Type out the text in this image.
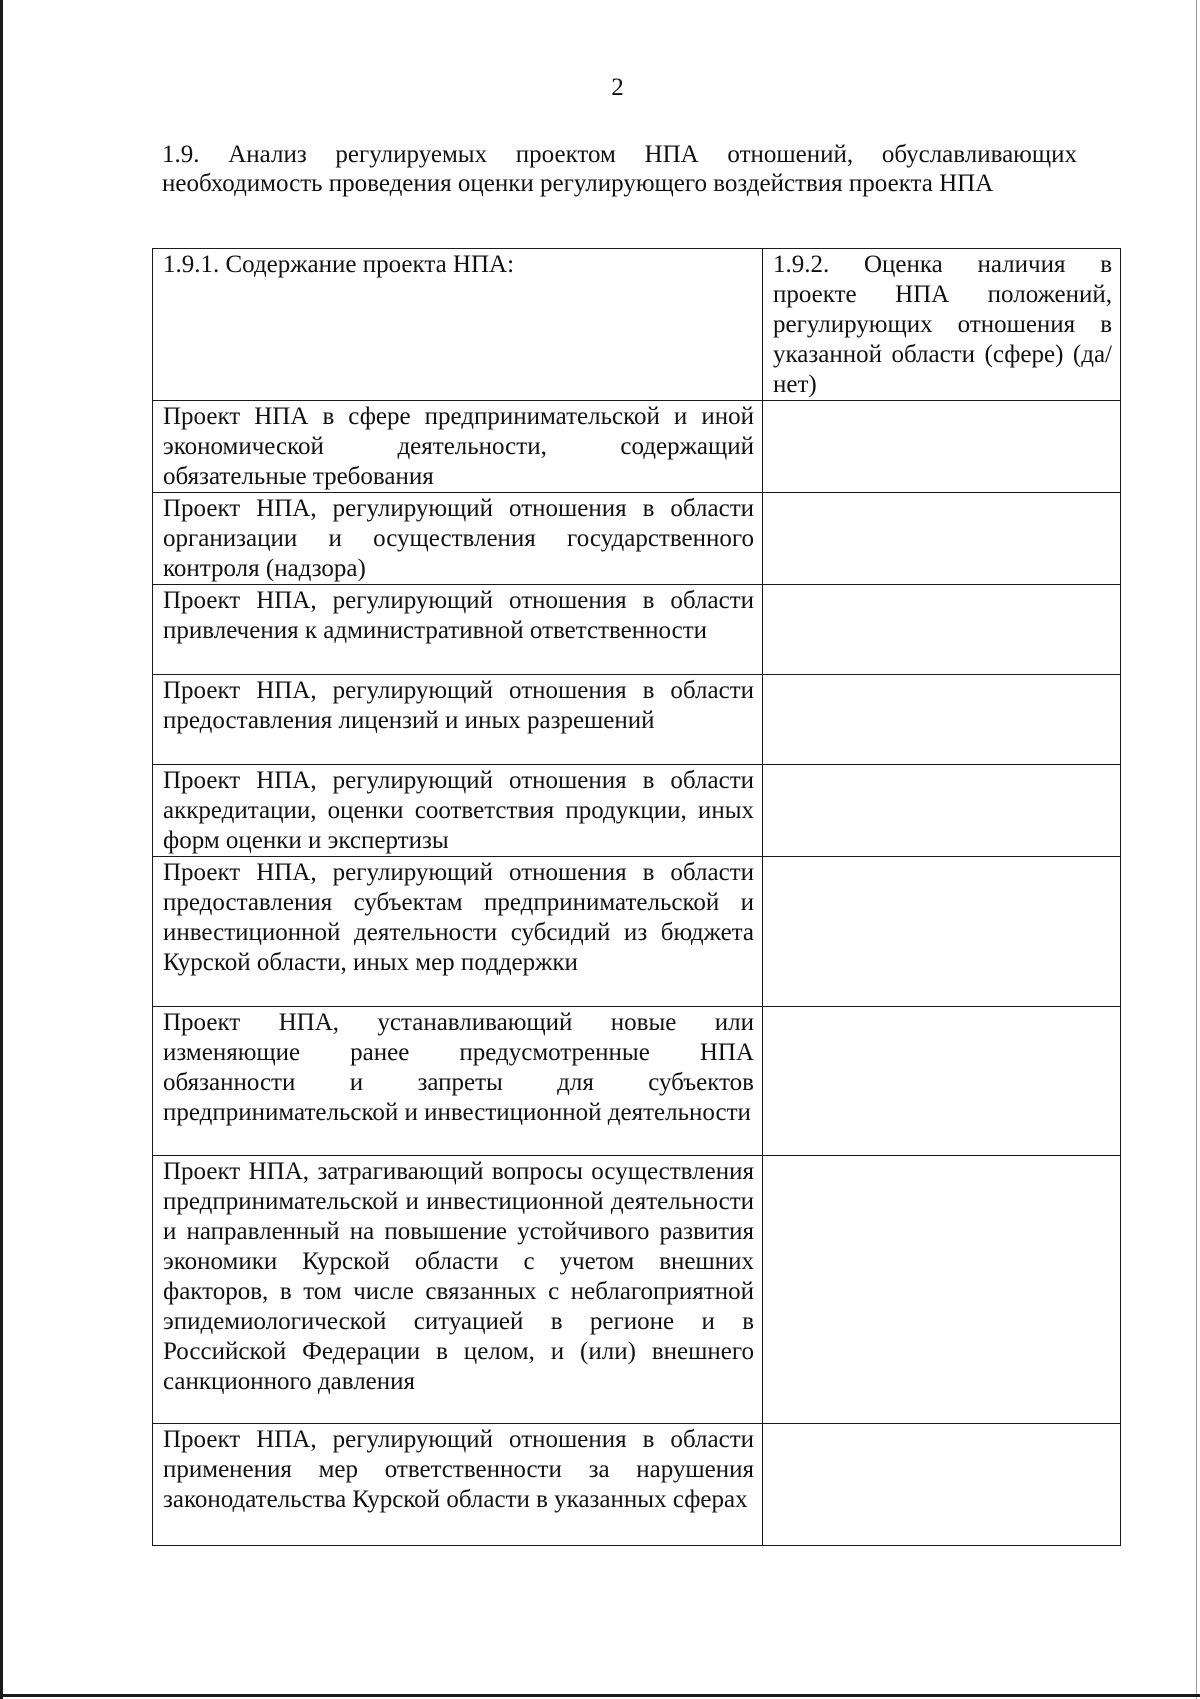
2
1.9. Анализ регулируемых проектом НПА отношений, обуславливающих необходимость проведения оценки регулирующего воздействия проекта НПА
1.9.1. Содержание проекта НПА:	1.9.2. Оценка наличия в проекте НПА положений, регулирующих отношения в указанной области (сфере) (да/нет)
Проект НПА в сфере предпринимательской и иной экономической деятельности, содержащий обязательные требования	
Проект НПА, регулирующий отношения в области организации и осуществления государственного контроля (надзора)	
Проект НПА, регулирующий отношения в области привлечения к административной ответственности	
Проект НПА, регулирующий отношения в области предоставления лицензий и иных разрешений	
Проект НПА, регулирующий отношения в области аккредитации, оценки соответствия продукции, иных форм оценки и экспертизы	
Проект НПА, регулирующий отношения в области предоставления субъектам предпринимательской и инвестиционной деятельности субсидий из бюджета Курской области, иных мер поддержки	
Проект НПА, устанавливающий новые или изменяющие ранее предусмотренные НПА обязанности и запреты для субъектов предпринимательской и инвестиционной деятельности	
Проект НПА, затрагивающий вопросы осуществления предпринимательской и инвестиционной деятельности и направленный на повышение устойчивого развития экономики Курской области с учетом внешних факторов, в том числе связанных с неблагоприятной эпидемиологической ситуацией в регионе и в Российской Федерации в целом, и (или) внешнего санкционного давления	
Проект НПА, регулирующий отношения в области применения мер ответственности за нарушения законодательства Курской области в указанных сферах	
